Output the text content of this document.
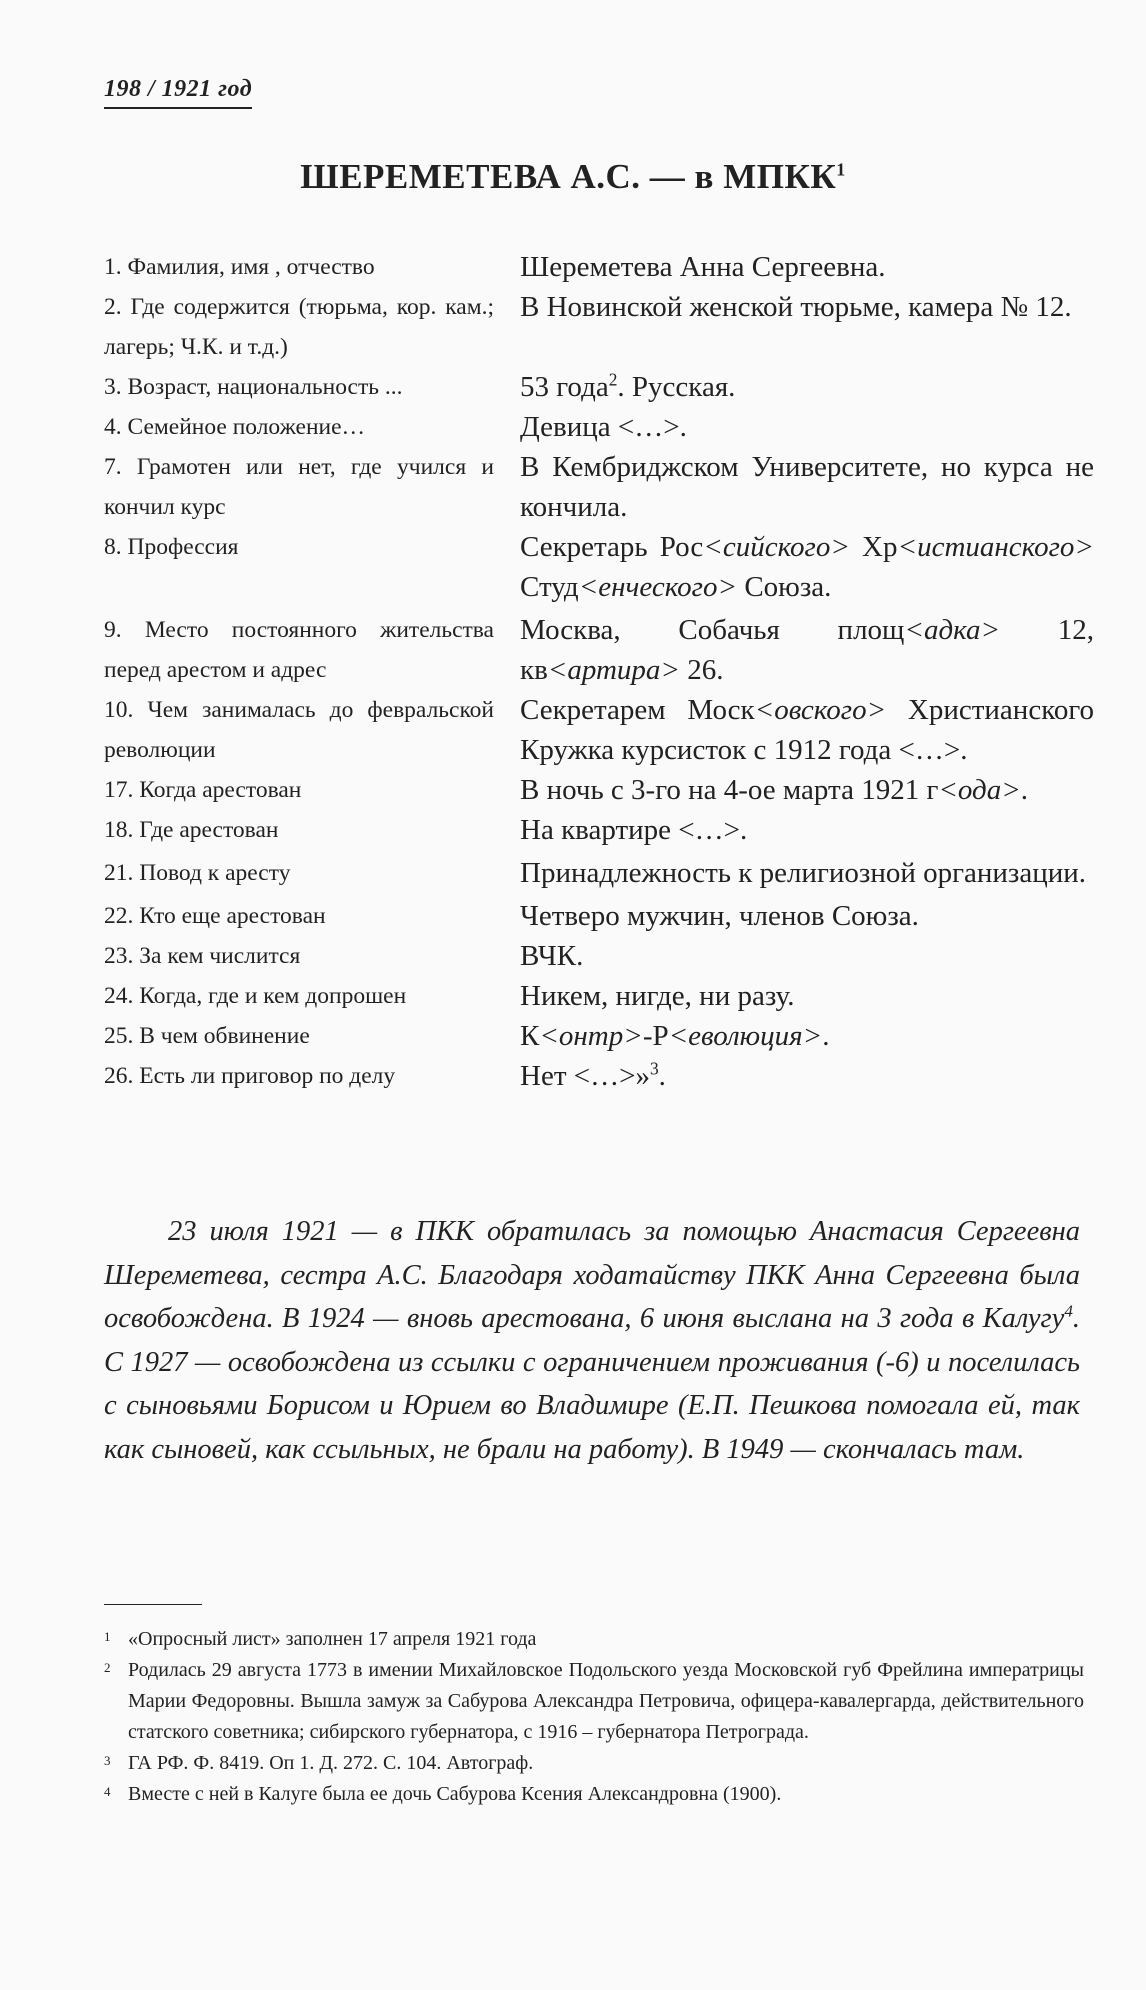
198 / 1921 год
ШЕРЕМЕТЕВА А.С. — в МПКК$^1$
1. Фамилия, имя , отчество	Шереметева Анна Сергеевна.
2. Где содержится (тюрьма, кор. кам.; лагерь; Ч.К. и т.д.)	В Новинской женской тюрьме, камера № 12.
3. Возраст, национальность ...	53 года$^2$. Русская.
4. Семейное положение…	Девица <…>.
7. Грамотен или нет, где учился и кончил курс	В Кембриджском Университете, но курса не кончила.
8. Профессия	Секретарь Рос<сийского> Хр<истианского> Студ<енческого> Союза.
9. Место постоянного жительства перед арестом и адрес	Москва, Собачья площ<адка> 12, кв<артира> 26.
10. Чем занималась до февральской революции	Секретарем Моск<овского> Христианского Кружка курсисток с 1912 года <…>.
17. Когда арестован	В ночь с 3-го на 4-ое марта 1921 г<ода>.
18. Где арестован	На квартире <…>.
21. Повод к аресту	Принадлежность к религиозной организации.
22. Кто еще арестован	Четверо мужчин, членов Союза.
23. За кем числится	ВЧК.
24. Когда, где и кем допрошен	Никем, нигде, ни разу.
25. В чем обвинение	К<онтр>-Р<еволюция>.
26. Есть ли приговор по делу	Нет <…>»$^3$.
23 июля 1921 — в ПКК обратилась за помощью Анастасия Сергеевна Шереметева, сестра А.С. Благодаря ходатайству ПКК Анна Сергеевна была освобождена. В 1924 — вновь арестована, 6 июня выслана на 3 года в Калугу$^4$. С 1927 — освобождена из ссылки с ограничением проживания (-6) и поселилась с сыновьями Борисом и Юрием во Владимире (Е.П. Пешкова помогала ей, так как сыновей, как ссыльных, не брали на работу). В 1949 — скончалась там.
1 «Опросный лист» заполнен 17 апреля 1921 года
2 Родилась 29 августа 1773 в имении Михайловское Подольского уезда Московской губ Фрейлина императрицы Марии Федоровны. Вышла замуж за Сабурова Александра Петровича, офицера-кавалергарда, действительного статского советника; сибирского губернатора, с 1916 – губернатора Петрограда.
3 ГА РФ. Ф. 8419. Оп 1. Д. 272. С. 104. Автограф.
4 Вместе с ней в Калуге была ее дочь Сабурова Ксения Александровна (1900).
